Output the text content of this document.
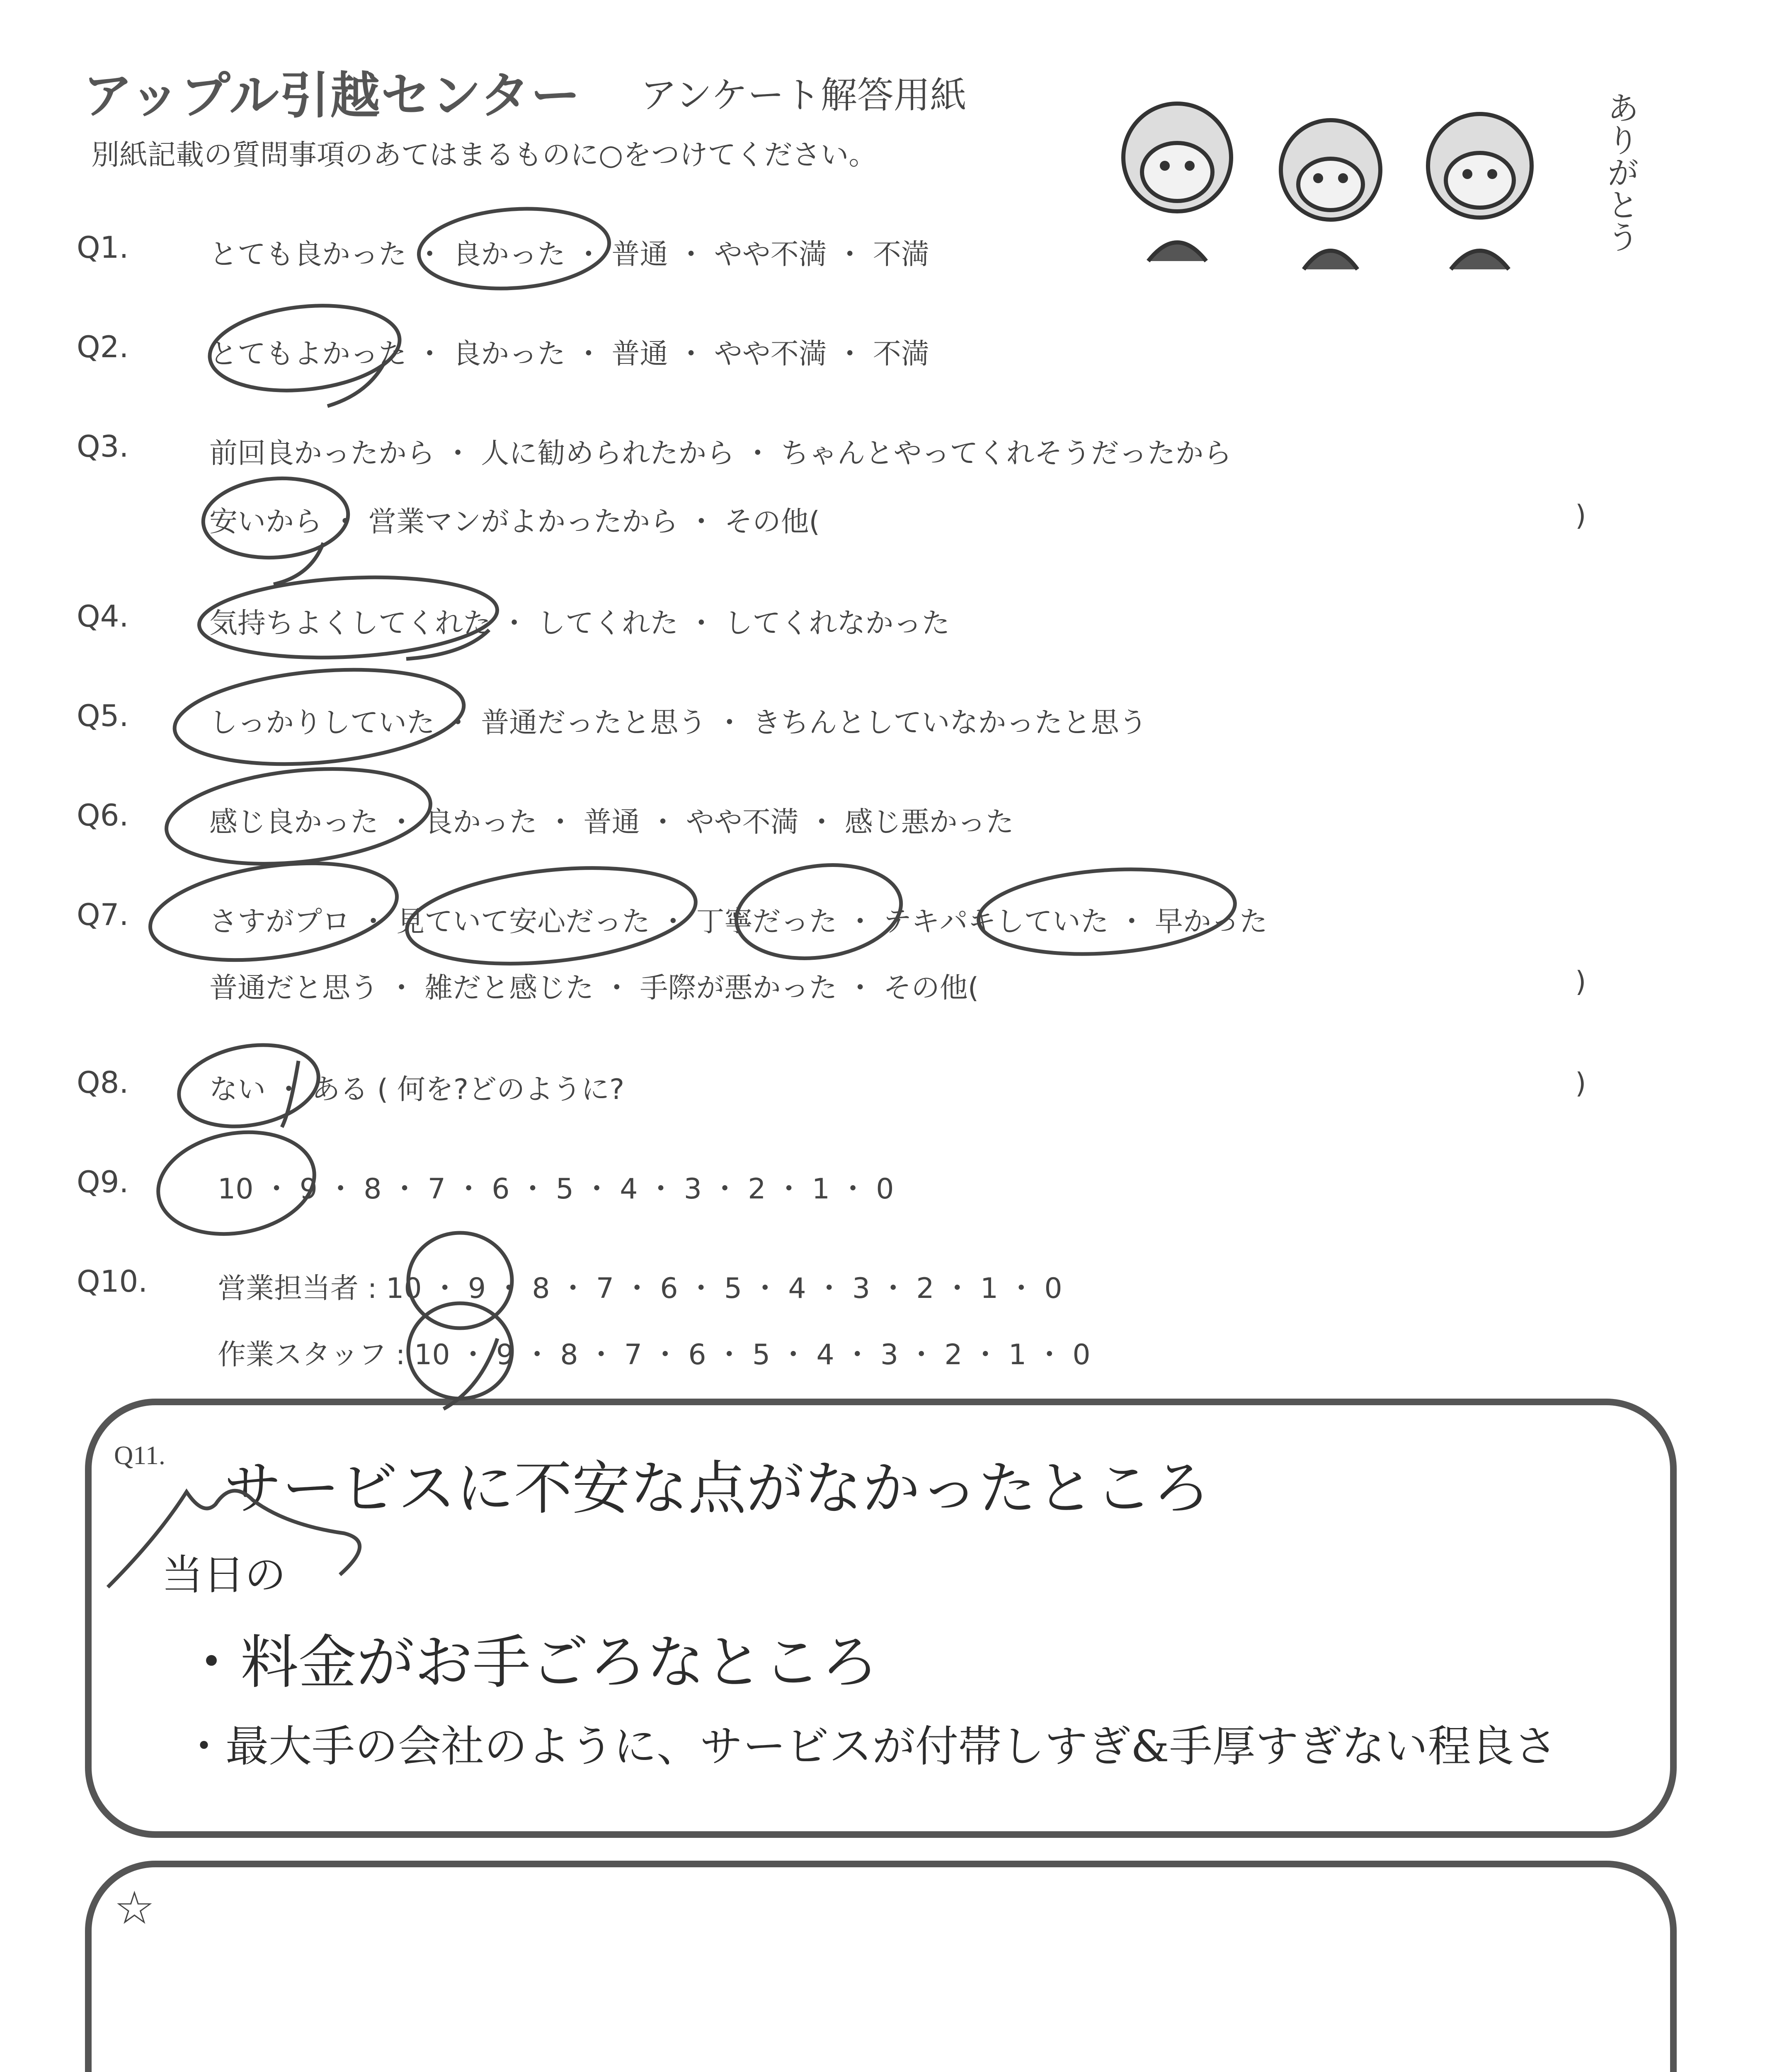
アップル引越センター アンケート解答用紙
別紙記載の質問事項のあてはまるものに○をつけてください。	ありがとう
Q1.
Q2.
Q3.
Q4.
Q5.
Q6.
Q7.
Q8.
Q9.
Q10.
とても良かった ・ 良かった ・ 普通 ・ やや不満 ・ 不満
とてもよかった ・ 良かった ・ 普通 ・ やや不満 ・ 不満
前回良かったから ・ 人に勧められたから ・ ちゃんとやってくれそうだったから
安いから ・ 営業マンがよかったから ・ その他(	)
気持ちよくしてくれた ・ してくれた ・ してくれなかった
しっかりしていた ・ 普通だったと思う ・ きちんとしていなかったと思う
感じ良かった ・ 良かった ・ 普通 ・ やや不満 ・ 感じ悪かった
さすがプロ ・ 見ていて安心だった ・ 丁寧だった ・ テキパキしていた ・ 早かった
普通だと思う ・ 雑だと感じた ・ 手際が悪かった ・ その他(	)
ない ・ ある ( 何を?どのように?	)
10 ・ 9 ・ 8 ・ 7 ・ 6 ・ 5 ・ 4 ・ 3 ・ 2 ・ 1 ・ 0
営業担当者 : 10 ・ 9 ・ 8 ・ 7 ・ 6 ・ 5 ・ 4 ・ 3 ・ 2 ・ 1 ・ 0
作業スタッフ : 10 ・ 9 ・ 8 ・ 7 ・ 6 ・ 5 ・ 4 ・ 3 ・ 2 ・ 1 ・ 0
Q11. サービスに不安な点がなかったところ
当日の
・料金がお手ごろなところ
・最大手の会社のように、サービスが付帯しすぎ&手厚すぎない程良さ
☆
